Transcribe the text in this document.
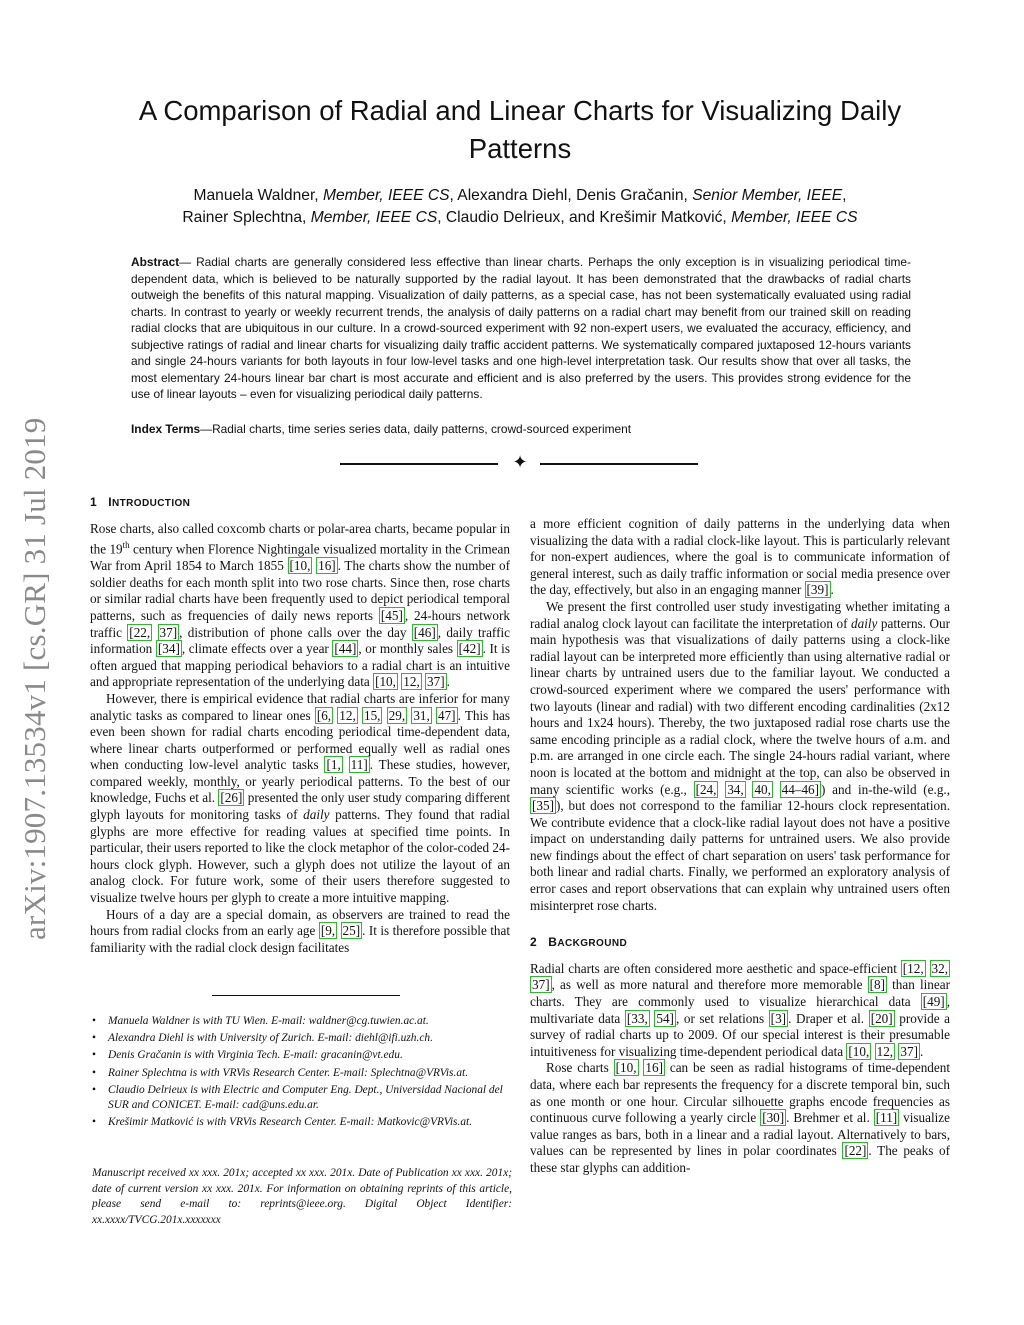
arXiv:1907.13534v1 [cs.GR] 31 Jul 2019
A Comparison of Radial and Linear Charts for Visualizing Daily Patterns
Manuela Waldner, Member, IEEE CS, Alexandra Diehl, Denis Gračanin, Senior Member, IEEE,
Rainer Splechtna, Member, IEEE CS, Claudio Delrieux, and Krešimir Matković, Member, IEEE CS
Abstract— Radial charts are generally considered less effective than linear charts. Perhaps the only exception is in visualizing periodical time-dependent data, which is believed to be naturally supported by the radial layout. It has been demonstrated that the drawbacks of radial charts outweigh the benefits of this natural mapping. Visualization of daily patterns, as a special case, has not been systematically evaluated using radial charts. In contrast to yearly or weekly recurrent trends, the analysis of daily patterns on a radial chart may benefit from our trained skill on reading radial clocks that are ubiquitous in our culture. In a crowd-sourced experiment with 92 non-expert users, we evaluated the accuracy, efficiency, and subjective ratings of radial and linear charts for visualizing daily traffic accident patterns. We systematically compared juxtaposed 12-hours variants and single 24-hours variants for both layouts in four low-level tasks and one high-level interpretation task. Our results show that over all tasks, the most elementary 24-hours linear bar chart is most accurate and efficient and is also preferred by the users. This provides strong evidence for the use of linear layouts – even for visualizing periodical daily patterns.
Index Terms—Radial charts, time series series data, daily patterns, crowd-sourced experiment
✦
1 INTRODUCTION

Rose charts, also called coxcomb charts or polar-area charts, became popular in the 19th century when Florence Nightingale visualized mortality in the Crimean War from April 1854 to March 1855 [10, 16] . The charts show the number of soldier deaths for each month split into two rose charts. Since then, rose charts or similar radial charts have been frequently used to depict periodical temporal patterns, such as frequencies of daily news reports [45] , 24-hours network traffic [22, 37] , distribution of phone calls over the day [46] , daily traffic information [34] , climate effects over a year [44] , or monthly sales [42] . It is often argued that mapping periodical behaviors to a radial chart is an intuitive and appropriate representation of the underlying data [10, 12, 37] .

However, there is empirical evidence that radial charts are inferior for many analytic tasks as compared to linear ones [6, 12, 15, 29, 31, 47] . This has even been shown for radial charts encoding periodical time-dependent data, where linear charts outperformed or performed equally well as radial ones when conducting low-level analytic tasks [1, 11] . These studies, however, compared weekly, monthly, or yearly periodical patterns. To the best of our knowledge, Fuchs et al. [26] presented the only user study comparing different glyph layouts for monitoring tasks of daily patterns. They found that radial glyphs are more effective for reading values at specified time points. In particular, their users reported to like the clock metaphor of the color-coded 24-hours clock glyph. However, such a glyph does not utilize the layout of an analog clock. For future work, some of their users therefore suggested to visualize twelve hours per glyph to create a more intuitive mapping.

Hours of a day are a special domain, as observers are trained to read the hours from radial clocks from an early age [9, 25] . It is therefore possible that familiarity with the radial clock design facilitates

a more efficient cognition of daily patterns in the underlying data when visualizing the data with a radial clock-like layout. This is particularly relevant for non-expert audiences, where the goal is to communicate information of general interest, such as daily traffic information or social media presence over the day, effectively, but also in an engaging manner [39] .

We present the first controlled user study investigating whether imitating a radial analog clock layout can facilitate the interpretation of daily patterns. Our main hypothesis was that visualizations of daily patterns using a clock-like radial layout can be interpreted more efficiently than using alternative radial or linear charts by untrained users due to the familiar layout. We conducted a crowd-sourced experiment where we compared the users' performance with two layouts (linear and radial) with two different encoding cardinalities (2x12 hours and 1x24 hours). Thereby, the two juxtaposed radial rose charts use the same encoding principle as a radial clock, where the twelve hours of a.m. and p.m. are arranged in one circle each. The single 24-hours radial variant, where noon is located at the bottom and midnight at the top, can also be observed in many scientific works (e.g., [24, 34, 40, 44–46] ) and in-the-wild (e.g., [35] ), but does not correspond to the familiar 12-hours clock representation. We contribute evidence that a clock-like radial layout does not have a positive impact on understanding daily patterns for untrained users. We also provide new findings about the effect of chart separation on users' task performance for both linear and radial charts. Finally, we performed an exploratory analysis of error cases and report observations that can explain why untrained users often misinterpret rose charts.

2 BACKGROUND

Radial charts are often considered more aesthetic and space-efficient [12, 32, 37] , as well as more natural and therefore more memorable [8] than linear charts. They are commonly used to visualize hierarchical data [49] , multivariate data [33, 54] , or set relations [3] . Draper et al. [20] provide a survey of radial charts up to 2009. Of our special interest is their presumable intuitiveness for visualizing time-dependent periodical data [10, 12, 37] .

Rose charts [10, 16] can be seen as radial histograms of time-dependent data, where each bar represents the frequency for a discrete temporal bin, such as one month or one hour. Circular silhouette graphs encode frequencies as continuous curve following a yearly circle [30] . Brehmer et al. [11] visualize value ranges as bars, both in a linear and a radial layout. Alternatively to bars, values can be represented by lines in polar coordinates [22] . The peaks of these star glyphs can addition-

• Manuela Waldner is with TU Wien. E-mail: waldner@cg.tuwien.ac.at.
• Alexandra Diehl is with University of Zurich. E-mail: diehl@ifi.uzh.ch.
• Denis Gračanin is with Virginia Tech. E-mail: gracanin@vt.edu.
• Rainer Splechtna is with VRVis Research Center. E-mail: Splechtna@VRVis.at.
• Claudio Delrieux is with Electric and Computer Eng. Dept., Universidad Nacional del SUR and CONICET. E-mail: cad@uns.edu.ar.
• Krešimir Matković is with VRVis Research Center. E-mail: Matkovic@VRVis.at.
Manuscript received xx xxx. 201x; accepted xx xxx. 201x. Date of Publication xx xxx. 201x; date of current version xx xxx. 201x. For information on obtaining reprints of this article, please send e-mail to: reprints@ieee.org. Digital Object Identifier: xx.xxxx/TVCG.201x.xxxxxxx
